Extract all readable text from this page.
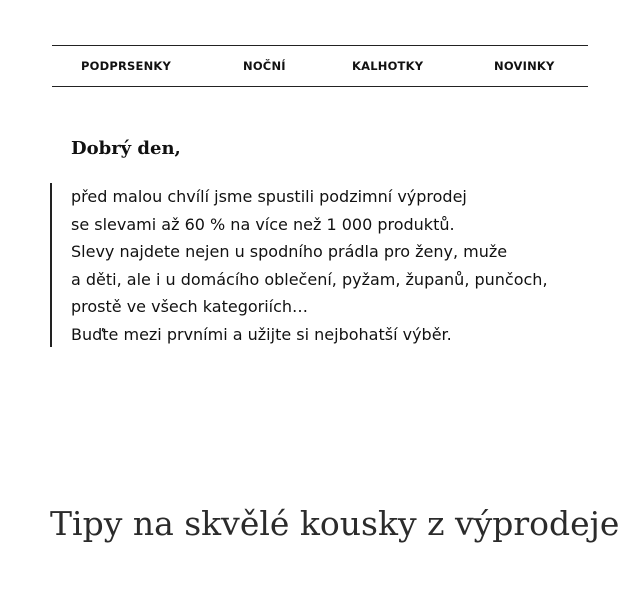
PODPRSENKY	NOČNÍ	KALHOTKY	NOVINKY
Dobrý den,
před malou chvílí jsme spustili podzimní výprodej
se slevami až 60 % na více než 1 000 produktů.
Slevy najdete nejen u spodního prádla pro ženy, muže
a děti, ale i u domácího oblečení, pyžam, županů, punčoch,
prostě ve všech kategoriích…
Buďte mezi prvními a užijte si nejbohatší výběr.
Tipy na skvělé kousky z výprodeje
